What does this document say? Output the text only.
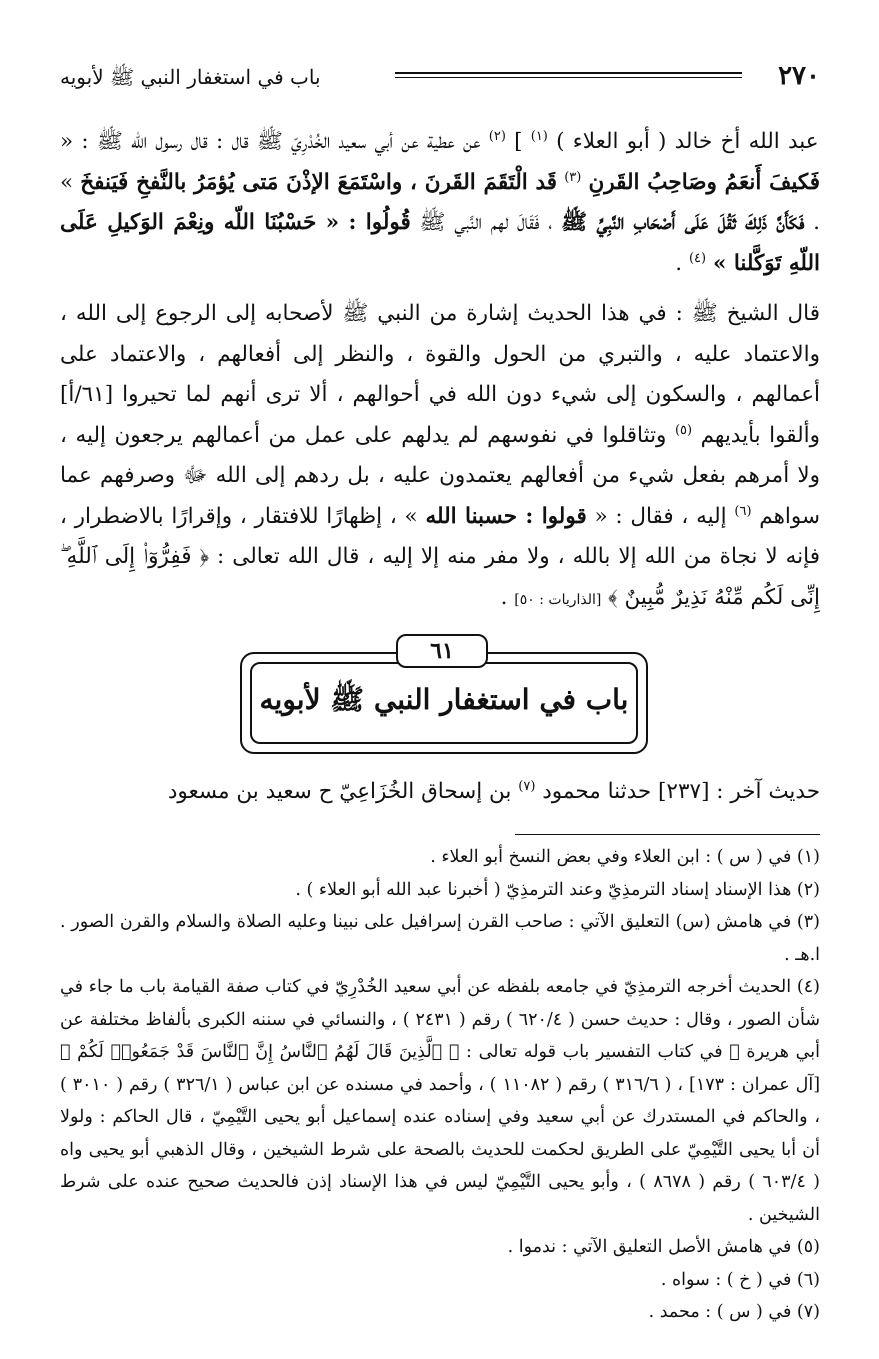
٢٧٠
باب في استغفار النبي ﷺ لأبويه

عبد الله أخ خالد ( أبو العلاء ) $^{(١)}$ ] $^{(٢)}$ عن عطية عن أبي سعيد الخُدْرِيّ ﷺ قال : قال رسول الله ﷺ : « فَكيفَ أَنعَمُ وصَاحِبُ القَرنِ $^{(٣)}$ قَد الْتَقَمَ القَرنَ ، واسْتَمَعَ الإذْنَ مَتى يُؤمَرُ بالنَّفخِ فَيَنفخَ » . فَكَأَنَّ ذَلِكَ ثَقُلَ عَلَى أَصْحَابِ النَّبِيِّ ﷺ ، فَقَالَ لهم النَّبي ﷺ قُولُوا : « حَسْبُنَا اللّه ونِعْمَ الوَكيلِ عَلَى اللّهِ تَوَكَّلنا » $^{(٤)}$ .

قال الشيخ ﷺ : في هذا الحديث إشارة من النبي ﷺ لأصحابه إلى الرجوع إلى الله ، والاعتماد عليه ، والتبري من الحول والقوة ، والنظر إلى أفعالهم ، والاعتماد على أعمالهم ، والسكون إلى شيء دون الله في أحوالهم ، ألا ترى أنهم لما تحيروا [٦١/أ] وألقوا بأيديهم $^{(٥)}$ وتثاقلوا في نفوسهم لم يدلهم على عمل من أعمالهم يرجعون إليه ، ولا أمرهم بفعل شيء من أفعالهم يعتمدون عليه ، بل ردهم إلى الله ﷻ وصرفهم عما سواهم $^{(٦)}$ إليه ، فقال : « قولوا : حسبنا الله » ، إظهارًا للافتقار ، وإقرارًا بالاضطرار ، فإنه لا نجاة من الله إلا بالله ، ولا مفر منه إلا إليه ، قال الله تعالى : ﴿ فَفِرُّوٓا۟ إِلَى ٱللَّهِ ۖ إِنِّى لَكُم مِّنْهُ نَذِيرٌ مُّبِينٌ ﴾ [الذاريات : ٥٠] .

٦١
باب في استغفار النبي ﷺ لأبويه
حديث آخر : [٢٣٧] حدثنا محمود $^{(٧)}$ بن إسحاق الخُزَاعِيّ ح سعيد بن مسعود

(١) في ( س ) : ابن العلاء وفي بعض النسخ أبو العلاء .

(٢) هذا الإسناد إسناد الترمذِيّ وعند الترمذِيّ ( أخبرنا عبد الله أبو العلاء ) .

(٣) في هامش (س) التعليق الآتي : صاحب القرن إسرافيل على نبينا وعليه الصلاة والسلام والقرن الصور . ا.هـ .

(٤) الحديث أخرجه الترمذِيّ في جامعه بلفظه عن أبي سعيد الخُدْرِيّ في كتاب صفة القيامة باب ما جاء في شأن الصور ، وقال : حديث حسن ( ٦٢٠/٤ ) رقم ( ٢٤٣١ ) ، والنسائي في سننه الكبرى بألفاظ مختلفة عن أبي هريرة ﷺ في كتاب التفسير باب قوله تعالى : ﴿ ٱلَّذِينَ قَالَ لَهُمُ ٱلنَّاسُ إِنَّ ٱلنَّاسَ قَدْ جَمَعُوا۟ لَكُمْ ﴾ [آل عمران : ١٧٣] ، ( ٣١٦/٦ ) رقم ( ١١٠٨٢ ) ، وأحمد في مسنده عن ابن عباس ( ٣٢٦/١ ) رقم ( ٣٠١٠ ) ، والحاكم في المستدرك عن أبي سعيد وفي إسناده عنده إسماعيل أبو يحيى التَّيْمِيّ ، قال الحاكم : ولولا أن أبا يحيى التَّيْمِيّ على الطريق لحكمت للحديث بالصحة على شرط الشيخين ، وقال الذهبي أبو يحيى واه ( ٦٠٣/٤ ) رقم ( ٨٦٧٨ ) ، وأبو يحيى التَّيْمِيّ ليس في هذا الإسناد إذن فالحديث صحيح عنده على شرط الشيخين .

(٥) في هامش الأصل التعليق الآتي : ندموا .

(٦) في ( خ ) : سواه .

(٧) في ( س ) : محمد .
